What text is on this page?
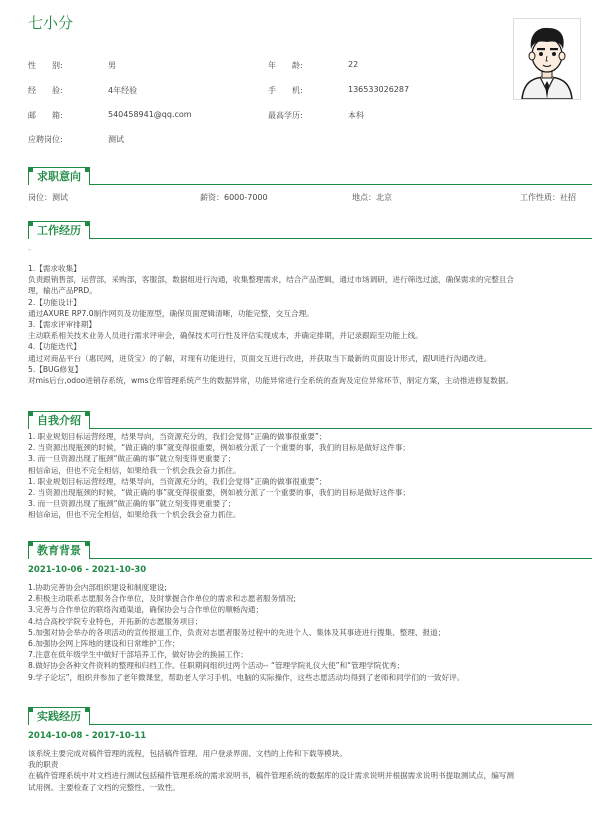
七小分
性　　别:	男	年　　龄:	22
经　　验:	4年经验	手　　机:	136533026287
邮　　箱:	540458941@qq.com	最高学历:	本科
应聘岗位:	测试
求职意向
岗位：测试	薪资：6000-7000	地点：北京	工作性质：社招
工作经历
-
1.【需求收集】
负责跟销售部，运营部，采购部，客服部，数据组进行沟通，收集整理需求，结合产品逻辑，通过市场调研，进行筛选过滤，确保需求的完整且合
理，输出产品PRD。
2.【功能设计】
通过AXURE RP7.0制作网页及功能原型，确保页面逻辑清晰，功能完整，交互合理。
3.【需求评审排期】
主动联系相关技术业务人员进行需求评审会，确保技术可行性及评估实现成本，并确定排期，并记录跟踪至功能上线。
4.【功能迭代】
通过对商品平台（惠民网，进货宝）的了解，对现有功能进行，页面交互进行改进，并获取当下最新的页面设计形式，跟UI进行沟通改进。
5.【BUG修复】
对mis后台,odoo进销存系统，wms仓库管理系统产生的数据异常，功能异常进行全系统的查询及定位异常环节，制定方案，主动推进修复数据。
自我介绍
1. 职业规划目标运营经理，结果导向，当资源充分的，我们会觉得“正确的做事很重要”；
2. 当资源出现瓶颈的时候，“做正确的事”就变得很重要，例如被分派了一个重要的事，我们的目标是做好这件事；
3. 而一旦资源出现了瓶颈“做正确的事”就立刻变得更重要了；
相信命运，但也不完全相信，如果给我一个机会我会奋力抓住。
1. 职业规划目标运营经理，结果导向，当资源充分的，我们会觉得“正确的做事很重要”；
2. 当资源出现瓶颈的时候，“做正确的事”就变得很重要，例如被分派了一个重要的事，我们的目标是做好这件事；
3. 而一旦资源出现了瓶颈“做正确的事”就立刻变得更重要了；
相信命运，但也不完全相信，如果给我一个机会我会奋力抓住。
教育背景
2021-10-06 - 2021-10-30
1.协助完善协会内部组织建设和制度建设;
2.积极主动联系志愿服务合作单位，及时掌握合作单位的需求和志愿者服务情况;
3.完善与合作单位的联络沟通渠道，确保协会与合作单位的顺畅沟通；
4.结合高校学院专业特色，开拓新的志愿服务项目；
5.加强对协会举办的各项活动的宣传报道工作，负责对志愿者服务过程中的先进个人、集体及其事迹进行搜集、整理、报道；
6.加强协会网上阵地的建设和日常维护工作；
7.注意在低年级学生中做好干部培养工作，做好协会的换届工作；
8.做好协会各种文件资料的整理和归档工作。任职期间组织过两个活动-- “管理学院礼仪大使”和“管理学院优秀；
9.学子论坛”，组织并参加了老年微课堂，帮助老人学习手机、电脑的实际操作，这些志愿活动均得到了老师和同学们的一致好评。
实践经历
2014-10-08 - 2017-10-11
该系统主要完成对稿件管理的流程，包括稿件管理、用户登录界面、文档的上传和下载等模块。
我的职责
在稿件管理系统中对文档进行测试包括稿件管理系统的需求说明书，稿件管理系统的数据库的设计需求说明并根据需求说明书提取测试点，编写测
试用例。主要检查了文档的完整性、一致性。
